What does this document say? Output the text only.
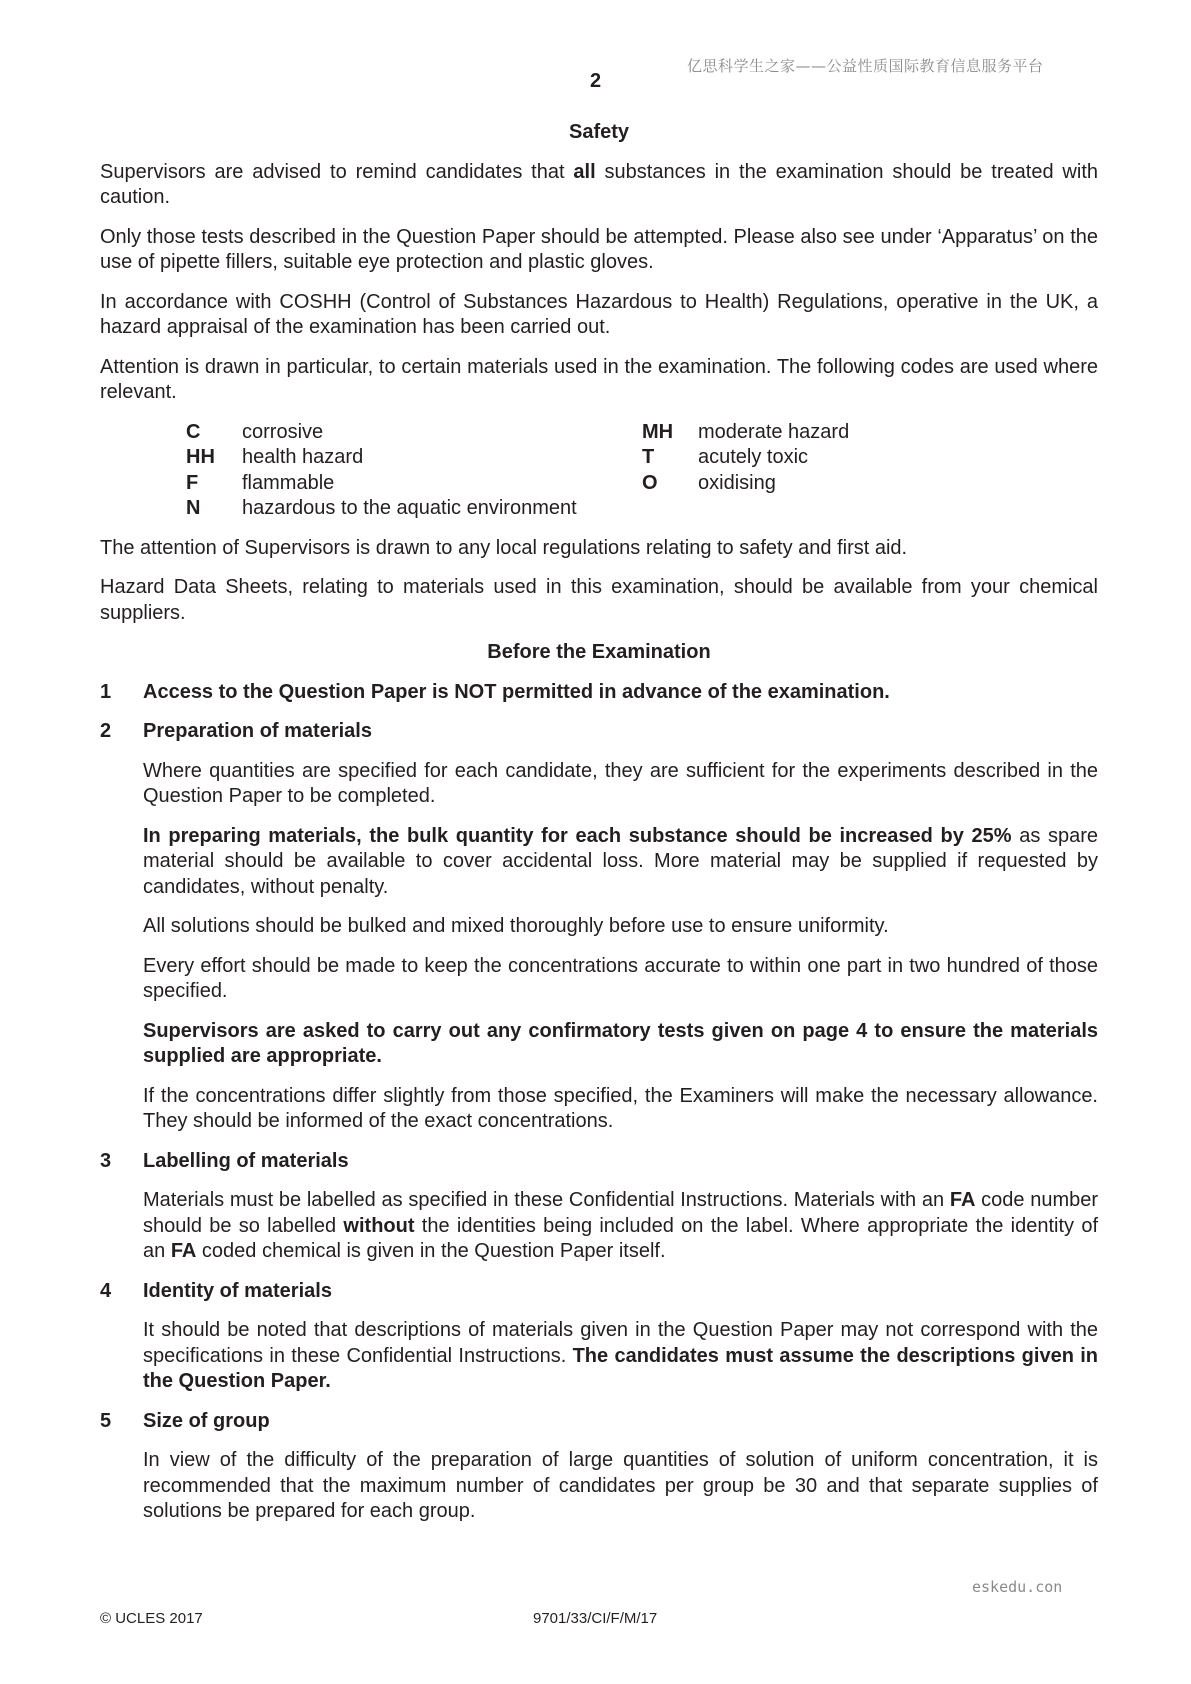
亿思科学生之家——公益性质国际教育信息服务平台
2
Safety

Supervisors are advised to remind candidates that all substances in the examination should be treated with caution.

Only those tests described in the Question Paper should be attempted. Please also see under ‘Apparatus’ on the use of pipette fillers, suitable eye protection and plastic gloves.

In accordance with COSHH (Control of Substances Hazardous to Health) Regulations, operative in the UK, a hazard appraisal of the examination has been carried out.

Attention is drawn in particular, to certain materials used in the examination. The following codes are used where relevant.

C	corrosive	MH	moderate hazard
HH	health hazard	T	acutely toxic
F	flammable	O	oxidising
N	hazardous to the aquatic environment

The attention of Supervisors is drawn to any local regulations relating to safety and first aid.

Hazard Data Sheets, relating to materials used in this examination, should be available from your chemical suppliers.

Before the Examination
1	Access to the Question Paper is NOT permitted in advance of the examination.
2	Preparation of materials

Where quantities are specified for each candidate, they are sufficient for the experiments described in the Question Paper to be completed.

In preparing materials, the bulk quantity for each substance should be increased by 25% as spare material should be available to cover accidental loss. More material may be supplied if requested by candidates, without penalty.

All solutions should be bulked and mixed thoroughly before use to ensure uniformity.

Every effort should be made to keep the concentrations accurate to within one part in two hundred of those specified.

Supervisors are asked to carry out any confirmatory tests given on page 4 to ensure the materials supplied are appropriate.

If the concentrations differ slightly from those specified, the Examiners will make the necessary allowance. They should be informed of the exact concentrations.

3	Labelling of materials

Materials must be labelled as specified in these Confidential Instructions. Materials with an FA code number should be so labelled without the identities being included on the label. Where appropriate the identity of an FA coded chemical is given in the Question Paper itself.

4	Identity of materials

It should be noted that descriptions of materials given in the Question Paper may not correspond with the specifications in these Confidential Instructions. The candidates must assume the descriptions given in the Question Paper.

5	Size of group

In view of the difficulty of the preparation of large quantities of solution of uniform concentration, it is recommended that the maximum number of candidates per group be 30 and that separate supplies of solutions be prepared for each group.

eskedu.con
© UCLES 2017	9701/33/CI/F/M/17
